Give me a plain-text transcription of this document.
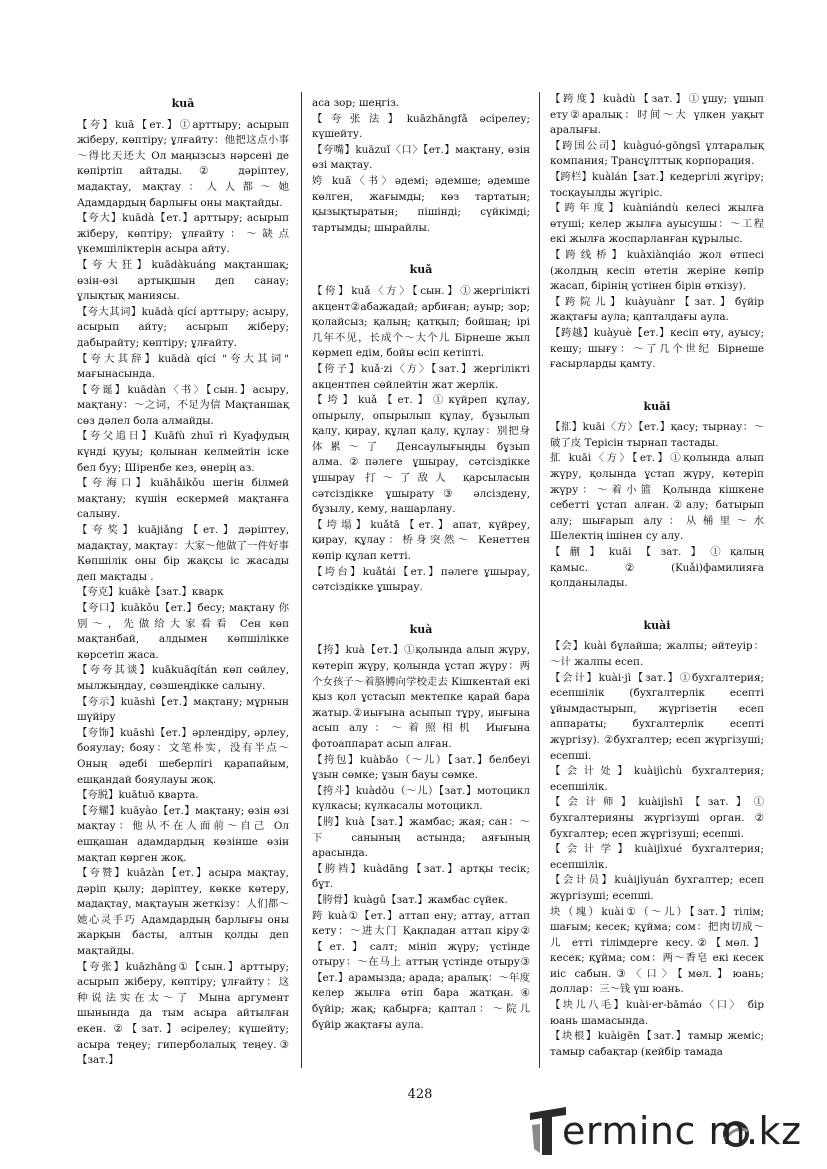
kuā
【夸】kuā【ет.】①арттыру; асырып жіберу, көптіру; ұлғайту：他把这点小事～得比天还大 Ол маңызсыз нәрсені де көпіртіп айтады. ② дәріптеу, мадақтау, мақтау：人人都～她 Адамдардың барлығы оны мақтайды.
【夸大】kuādà【ет.】арттыру; асырып жіберу, көптіру; ұлғайту：～缺点 үкемшіліктерін асыра айту.
【夸大狂】kuādàkuáng мақтаншақ; өзін-өзі артықшын деп санау; ұлықтық маниясы.
【夸大其词】kuādà qící арттыру; асыру, асырып айту; асырып жіберу; дабырайту; көптіру; ұлғайту.
【夸大其辞】kuādà qící "夸大其词" мағынасында.
【夸诞】kuādàn〈书〉【сын.】асыру, мақтану：～之词，不足为信 Мақтаншақ сөз дәлел бола алмайды.
【夸父追日】Kuāfù zhuī rì Куафудың күнді қууы; қолынан келмейтін іске бел буу; Шіренбе кез, өнерің аз.
【夸海口】kuāhǎikǒu шегін білмей мақтану; күшін ескермей мақтанға салыну.
【夸奖】kuājiǎng【ет.】дәріптеу, мадақтау, мақтау：大家～他做了一件好事 Көпшілік оны бір жақсы іс жасады деп мақтады .
【夸克】kuākè【зат.】кварк
【夸口】kuākǒu【ет.】бесу; мақтану 你别～，先做给大家看看 Сен көп мақтанбай, алдымен көпшілікке көрсетіп жаса.
【夸夸其谈】kuākuāqítán көп сөйлеу, мылжыңдау, сөзшеңдікке салыну.
【夸示】kuāshì【ет.】мақтану; мұрнын шүйіру
【夸饰】kuāshì【ет.】әрлендіру, әрлеу, бояулау; бояу：文笔朴实，没有半点～ Оның әдебі шеберлігі қарапайым, ешқандай бояулауы жоқ.
【夸脱】kuātuō кварта.
【夸耀】kuāyào【ет.】мақтану; өзін өзі мақтау：他从不在人面前～自己 Ол ешқашан адамдардың көзінше өзін мақтап көрген жоқ.
【夸赞】kuāzàn【ет.】асыра мақтау, дәріп қылу; дәріптеу, көкке көтеру, мадақтау, мақтауын жеткізу：人们都～她心灵手巧 Адамдардың барлығы оны жарқын басты, алтын қолды деп мақтайды.
【夸张】kuāzhāng①【сын.】арттыру; асырып жіберу, көптіру; ұлғайту：这种说法实在太～了 Мына аргумент шынында да тым асыра айтылған екен. ②【зат.】әсірелеу; күшейту; асыра теңеу; гиперболалық теңеу.③【зат.】
аса зор; шеңгіз.
【夸张法】kuāzhāngfǎ әсірелеу; күшейту.
【夸嘴】kuāzuǐ〈口〉【ет.】мақтану, өзін өзі мақтау.
姱 kuā〈书〉әдемі; әдемше; әдемше көлген, жағымды; көз тартатын; қызықтыратын; пішінді; сүйкімді; тартымды; шырайлы.
kuǎ
【侉】kuǎ〈方〉【сын.】①жергілікті акцент②абажадай; арбиған; ауыр; зор; қолайсыз; қалың; қатқыл; бойшаң; ірі 几年不见，长成个～大个儿 Бірнеше жыл көрмеп едім, бойы өсіп кетіпті.
【侉子】kuǎ·zi〈方〉【зат.】жергілікті акцентпен сөйлейтін жат жерлік.
【垮】kuǎ【ет.】①күйреп құлау, опырылу, опырылып құлау, бұзылып қалу, қирау, құлап қалу, құлау：别把身体累～了 Денсаулығыңды бұзып алма.②пәлеге ұшырау, сәтсіздікке ұшырау 打～了敌人 қарсыласын сәтсіздікке ұшырату③ әлсіздену, бұзылу, кему, нашарлану.
【垮塌】kuǎtā【ет.】апат, күйреу, қирау, құлау：桥身突然～ Кенеттен көпір құлап кетті.
【垮台】kuǎtái【ет.】пәлеге ұшырау, сәтсіздікке ұшырау.
kuà
【挎】kuà【ет.】①қолында алып жүру, көтеріп жүру, қолында ұстап жүру：两个女孩子～着胳膊向学校走去 Кішкентай екі қыз қол ұстасып мектепке қарай бара жатыр.②иығына асыпып тұру, иығына асып алу：～着照相机 Иығына фотоаппарат асып алған.
【挎包】kuàbāo（～儿）【зат.】белбеуі ұзын сөмке; ұзын бауы сөмке.
【挎斗】kuàdǒu（～儿）【зат.】мотоцикл күлкасы; күлкасалы мотоцикл.
【胯】kuà【зат.】жамбас; жая; сан：～下 санының астында; аяғының арасында.
【胯裆】kuàdāng【зат.】артқы тесік; бұт.
【胯骨】kuàgǔ【зат.】жамбас сүйек.
跨 kuà①【ет.】аттап ену; аттау, аттап кету：～进大门 Қақпадан аттап кіру②【ет.】салт; мініп жүру; үстінде отыру：～在马上 аттың үстінде отыру③【ет.】арамызда; арада; аралық：～年度 келер жылға өтіп бара жатқан.④ бүйір; жақ; қабырға; қаптал：～院儿 бүйір жақтағы аула.
【跨度】kuàdù【зат.】①ұшу; ұшып ету②аралық：时间～大 үлкен уақыт аралығы.
【跨国公司】kuàguó-gōngsī ұлтаралық компания; Трансұлттық корпорация.
【跨栏】kuàlán【зат.】кедергілі жүгіру; тосқауылды жүгіріс.
【跨年度】kuàniándù келесі жылға өтуші; келер жылға ауысушы：～工程 екі жылға жоспарланған құрылыс.
【跨线桥】kuàxiànqiáo жол өтпесі (жолдың кесіп өтетін жеріне көпір жасап, бірінің үстінен бірін өткізу).
【跨院儿】kuàyuànr【зат.】бүйір жақтағы аула; қапталдағы аула.
【跨越】kuàyuè【ет.】кесіп өту, ауысу; кешу; шығу：～了几个世纪 Бірнеше ғасырларды қамту.
kuāi
【㧟】kuāi〈方〉【ет.】қасу; тырнау：～破了皮 Терісін тырнап тастады.
㧟 kuāi〈方〉【ет.】①қолында алып жүру, қолында ұстап жүру, көтеріп жүру：～着小篮 Қолында кішкене себетті ұстап алған.②алу; батырып алу; шығарып алу：从桶里～水 Шелектің ішінен су алу.
【蒯】kuāi【зат.】①қалың қамыс.②(Kuǎi)фамилияға қолданылады.
kuài
【会】kuài бұлайша; жалпы; әйтеуір：～计 жалпы есеп.
【会计】kuài·jì【зат.】①бухгалтерия; есепшілік (бухгалтерлік есепті ұйымдастырып, жүргізетін есеп аппараты; бухгалтерлік есепті жүргізу). ②бухгалтер; есеп жүргізуші; есепші.
【会计处】kuàijìchù бухгалтерия; есепшілік.
【会计师】kuàijìshī【зат.】① бухгалтерияны жүргізуші орган. ② бухгалтер; есеп жүргізуші; есепші.
【会计学】kuàijìxué бухгалтерия; есепшілік.
【会计员】kuàijìyuán бухгалтер; есеп жүргізуші; есепші.
块（塊）kuài①（～儿）【зат.】тілім; шағым; кесек; құйма; сом：把肉切成～儿 етті тілімдерге кесу.②【мөл.】кесек; құйма; сом：两～香皂 екі кесек иіс сабын.③〈口〉【мөл.】юань; доллар：三～钱 үш юань.
【块儿八毛】kuài·er-bāmáo〈口〉 бір юань шамасында.
【块根】kuàigēn【зат.】тамыр жеміс; тамыр сабақтар (кейбір тамада
428
erminc m.kz
